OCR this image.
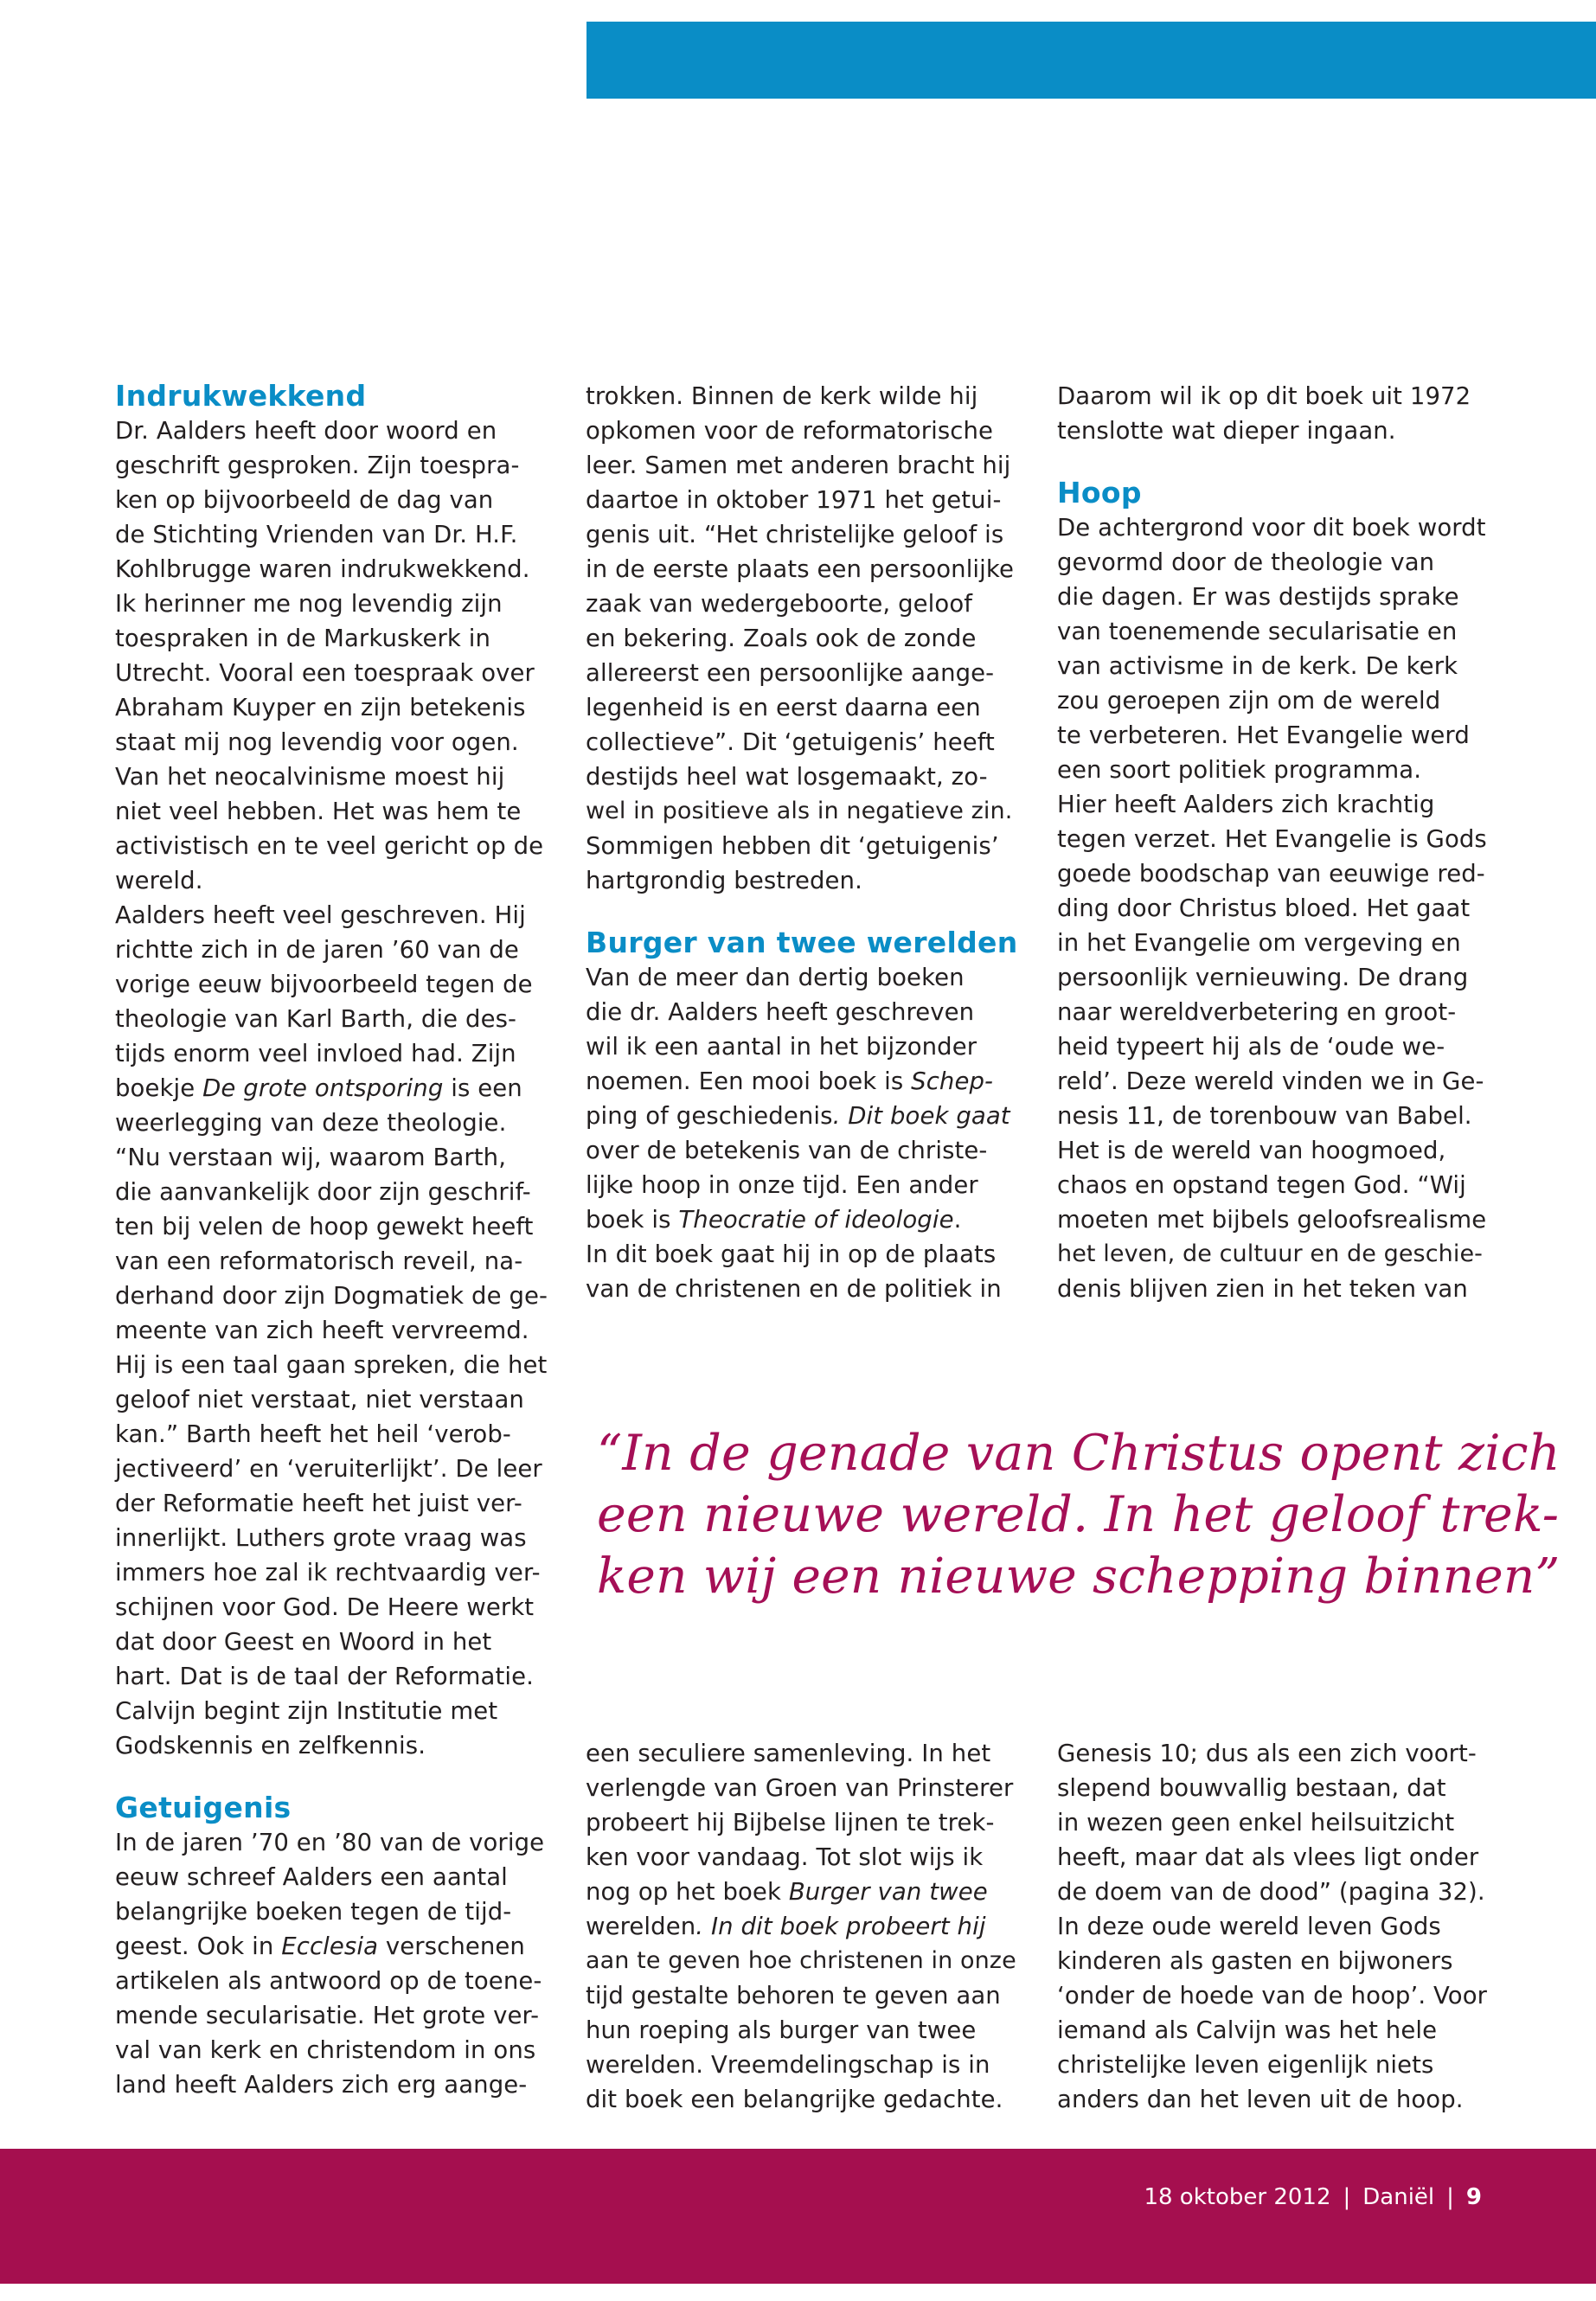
Indrukwekkend

Dr. Aalders heeft door woord en
geschrift gesproken. Zijn toespra-
ken op bijvoorbeeld de dag van
de Stichting Vrienden van Dr. H.F.
Kohlbrugge waren indrukwekkend.
Ik herinner me nog levendig zijn
toespraken in de Markuskerk in
Utrecht. Vooral een toespraak over
Abraham Kuyper en zijn betekenis
staat mij nog levendig voor ogen.
Van het neocalvinisme moest hij
niet veel hebben. Het was hem te
activistisch en te veel gericht op de
wereld.
Aalders heeft veel geschreven. Hij
richtte zich in de jaren ’60 van de
vorige eeuw bijvoorbeeld tegen de
theologie van Karl Barth, die des-
tijds enorm veel invloed had. Zijn
boekje De grote ontsporing is een
weerlegging van deze theologie.
“Nu verstaan wij, waarom Barth,
die aanvankelijk door zijn geschrif-
ten bij velen de hoop gewekt heeft
van een reformatorisch reveil, na-
derhand door zijn Dogmatiek de ge-
meente van zich heeft vervreemd.
Hij is een taal gaan spreken, die het
geloof niet verstaat, niet verstaan
kan.” Barth heeft het heil ‘verob-
jectiveerd’ en ‘veruiterlijkt’. De leer
der Reformatie heeft het juist ver-
innerlijkt. Luthers grote vraag was
immers hoe zal ik rechtvaardig ver-
schijnen voor God. De Heere werkt
dat door Geest en Woord in het
hart. Dat is de taal der Reformatie.
Calvijn begint zijn Institutie met
Godskennis en zelfkennis.

Getuigenis

In de jaren ’70 en ’80 van de vorige
eeuw schreef Aalders een aantal
belangrijke boeken tegen de tijd-
geest. Ook in Ecclesia verschenen
artikelen als antwoord op de toene-
mende secularisatie. Het grote ver-
val van kerk en christendom in ons
land heeft Aalders zich erg aange-

trokken. Binnen de kerk wilde hij
opkomen voor de reformatorische
leer. Samen met anderen bracht hij
daartoe in oktober 1971 het getui-
genis uit. “Het christelijke geloof is
in de eerste plaats een persoonlijke
zaak van wedergeboorte, geloof
en bekering. Zoals ook de zonde
allereerst een persoonlijke aange-
legenheid is en eerst daarna een
collectieve”. Dit ‘getuigenis’ heeft
destijds heel wat losgemaakt, zo-
wel in positieve als in negatieve zin.
Sommigen hebben dit ‘getuigenis’
hartgrondig bestreden.

Burger van twee werelden

Van de meer dan dertig boeken
die dr. Aalders heeft geschreven
wil ik een aantal in het bijzonder
noemen. Een mooi boek is Schep-
ping of geschiedenis. Dit boek gaat
over de betekenis van de christe-
lijke hoop in onze tijd. Een ander
boek is Theocratie of ideologie.
In dit boek gaat hij in op de plaats
van de christenen en de politiek in

Daarom wil ik op dit boek uit 1972
tenslotte wat dieper ingaan.

Hoop

De achtergrond voor dit boek wordt
gevormd door de theologie van
die dagen. Er was destijds sprake
van toenemende secularisatie en
van activisme in de kerk. De kerk
zou geroepen zijn om de wereld
te verbeteren. Het Evangelie werd
een soort politiek programma.
Hier heeft Aalders zich krachtig
tegen verzet. Het Evangelie is Gods
goede boodschap van eeuwige red-
ding door Christus bloed. Het gaat
in het Evangelie om vergeving en
persoonlijk vernieuwing. De drang
naar wereldverbetering en groot-
heid typeert hij als de ‘oude we-
reld’. Deze wereld vinden we in Ge-
nesis 11, de torenbouw van Babel.
Het is de wereld van hoogmoed,
chaos en opstand tegen God. “Wij
moeten met bijbels geloofsrealisme
het leven, de cultuur en de geschie-
denis blijven zien in het teken van

“In de genade van Christus opent zich
een nieuwe wereld. In het geloof trek-
ken wij een nieuwe schepping binnen”

een seculiere samenleving. In het
verlengde van Groen van Prinsterer
probeert hij Bijbelse lijnen te trek-
ken voor vandaag. Tot slot wijs ik
nog op het boek Burger van twee
werelden. In dit boek probeert hij
aan te geven hoe christenen in onze
tijd gestalte behoren te geven aan
hun roeping als burger van twee
werelden. Vreemdelingschap is in
dit boek een belangrijke gedachte.

Genesis 10; dus als een zich voort-
slepend bouwvallig bestaan, dat
in wezen geen enkel heilsuitzicht
heeft, maar dat als vlees ligt onder
de doem van de dood” (pagina 32).
In deze oude wereld leven Gods
kinderen als gasten en bijwoners
‘onder de hoede van de hoop’. Voor
iemand als Calvijn was het hele
christelijke leven eigenlijk niets
anders dan het leven uit de hoop.

18 oktober 2012 | Daniël | 9
